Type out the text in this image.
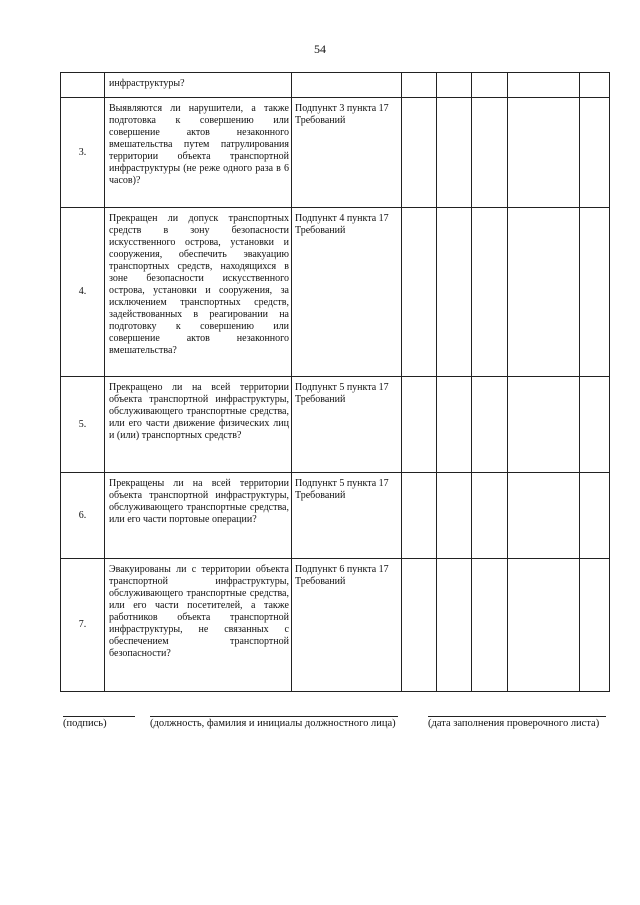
54

	инфраструктуры?						

3.	Выявляются ли нарушители, а также подготовка к совершению или совершение актов незаконного вмешательства путем патрулирования территории объекта транспортной инфраструктуры (не реже одного раза в 6 часов)?	Подпункт 3 пункта 17 Требований					

4.	Прекращен ли допуск транспортных средств в зону безопасности искусственного острова, установки и сооружения, обеспечить эвакуацию транспортных средств, находящихся в зоне безопасности искусственного острова, установки и сооружения, за исключением транспортных средств, задействованных в реагировании на подготовку к совершению или совершение актов незаконного вмешательства?	Подпункт 4 пункта 17 Требований					

5.	Прекращено ли на всей территории объекта транспортной инфраструктуры, обслуживающего транспортные средства, или его части движение физических лиц и (или) транспортных средств?	Подпункт 5 пункта 17 Требований					

6.	Прекращены ли на всей территории объекта транспортной инфраструктуры, обслуживающего транспортные средства, или его части портовые операции?	Подпункт 5 пункта 17 Требований					

7.	Эвакуированы ли с территории объекта транспортной инфраструктуры, обслуживающего транспортные средства, или его части посетителей, а также работников объекта транспортной инфраструктуры, не связанных с обеспечением транспортной безопасности?	Подпункт 6 пункта 17 Требований					

(подпись)	(должность, фамилия и инициалы должностного лица)	(дата заполнения проверочного листа)
